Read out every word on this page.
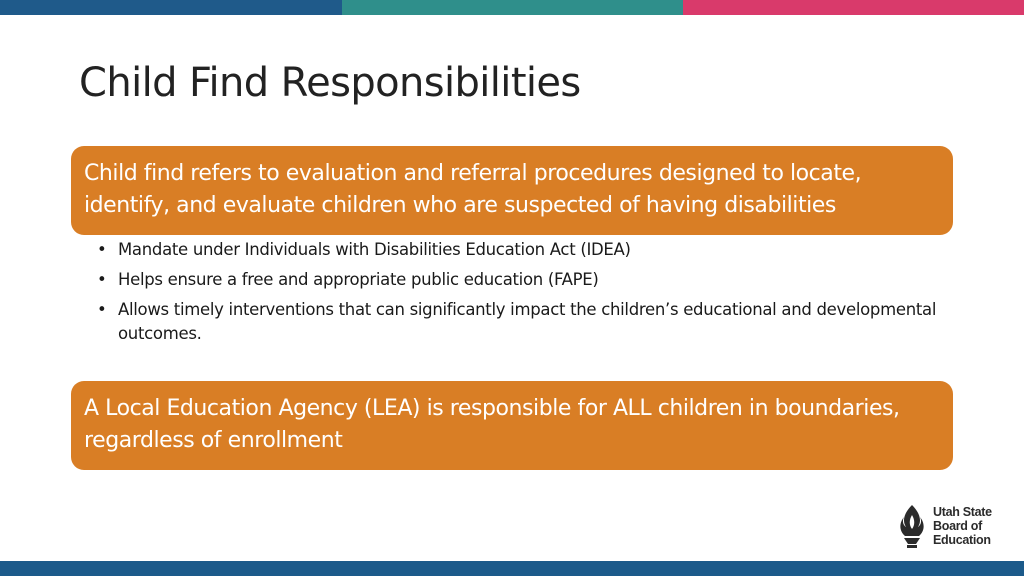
Child Find Responsibilities
Child find refers to evaluation and referral procedures designed to locate, identify, and evaluate children who are suspected of having disabilities
• Mandate under Individuals with Disabilities Education Act (IDEA)
• Helps ensure a free and appropriate public education (FAPE)
• Allows timely interventions that can significantly impact the children’s educational and developmental outcomes.
A Local Education Agency (LEA) is responsible for ALL children in boundaries, regardless of enrollment
Utah State
Board of
Education
